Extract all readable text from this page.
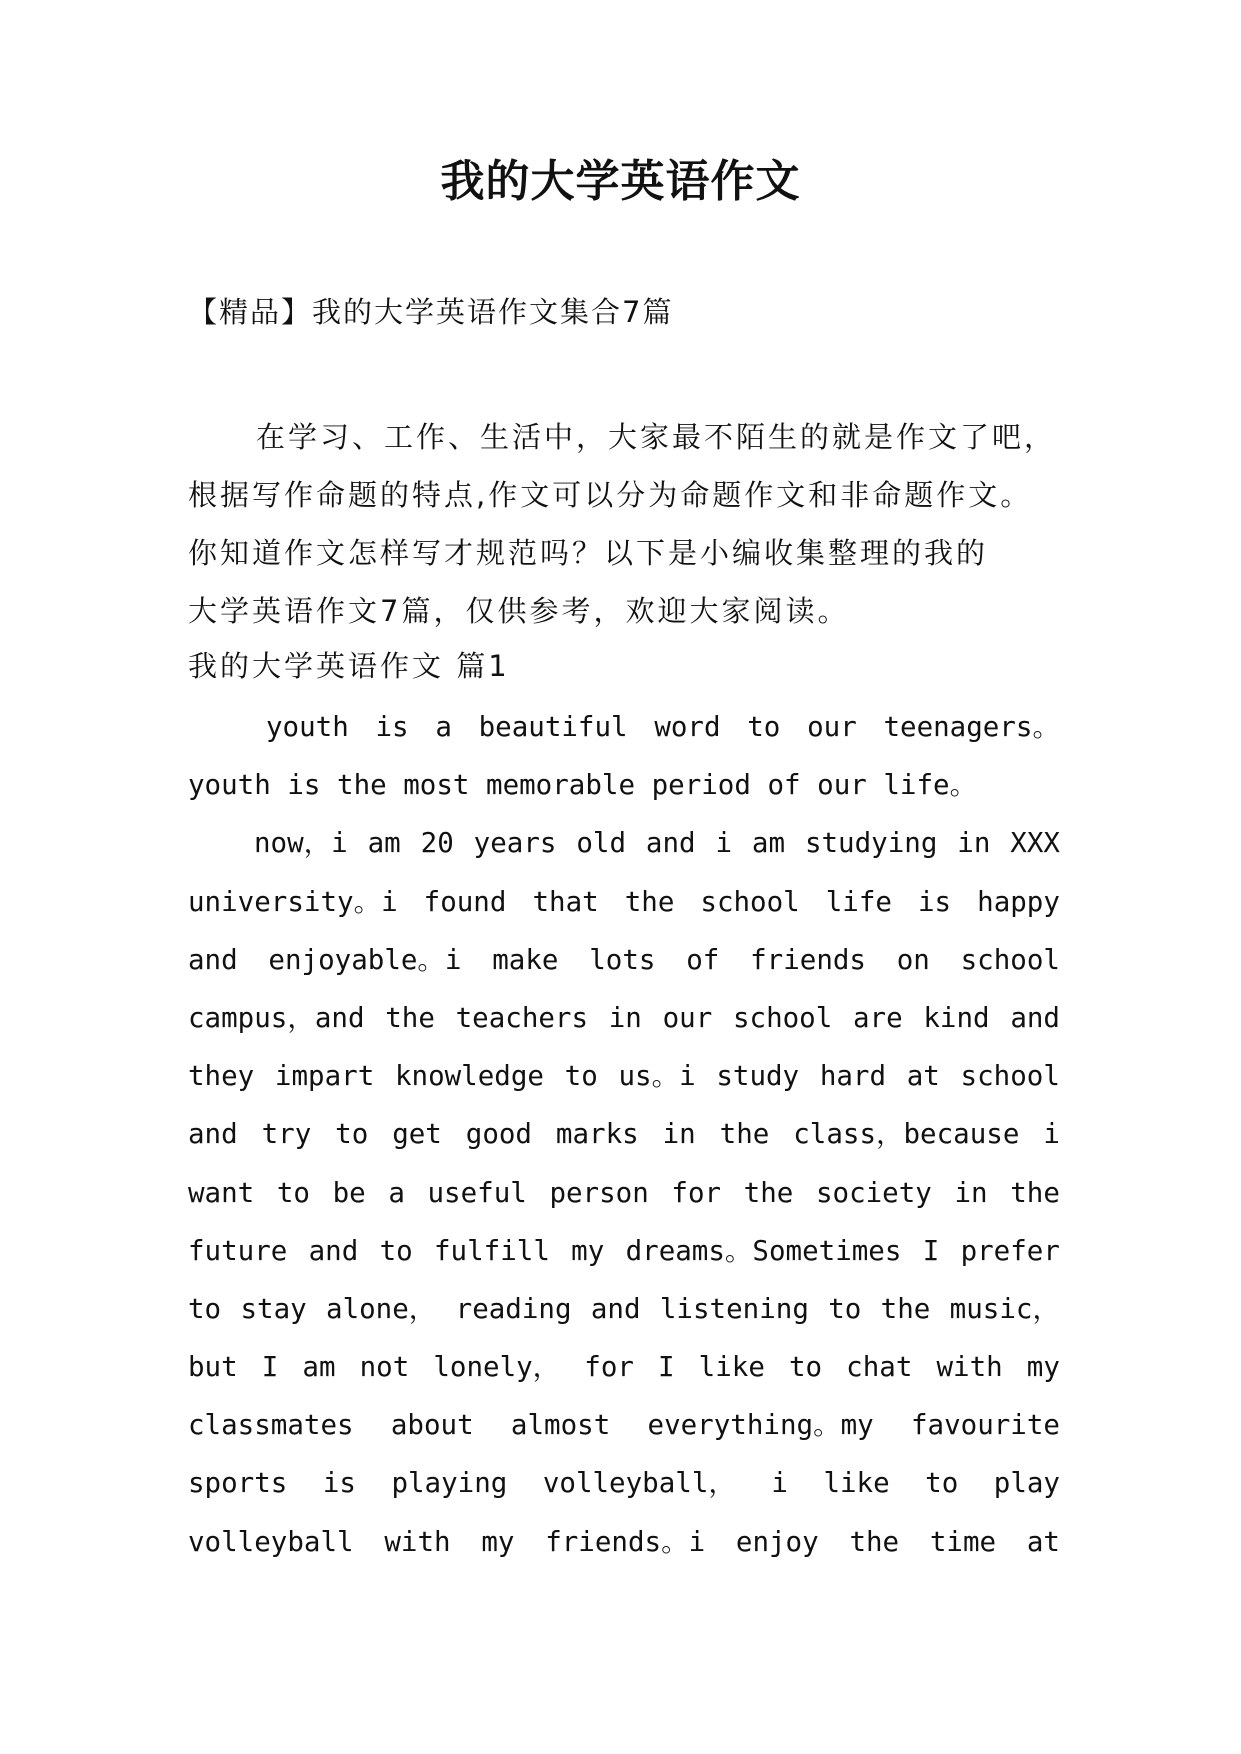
我的大学英语作文
【精品】我的大学英语作文集合7篇
在学习、工作、生活中，大家最不陌生的就是作文了吧，
根据写作命题的特点,作文可以分为命题作文和非命题作文。
你知道作文怎样写才规范吗？以下是小编收集整理的我的
大学英语作文7篇，仅供参考，欢迎大家阅读。
我的大学英语作文 篇1
youth is a beautiful word to our teenagers。
youth is the most memorable period of our life。
now，i am 20 years old and i am studying in XXX
university。i found that the school life is happy
and enjoyable。i make lots of friends on school
campus，and the teachers in our school are kind and
they impart knowledge to us。i study hard at school
and try to get good marks in the class，because i
want to be a useful person for the society in the
future and to fulfill my dreams。Sometimes I prefer
to stay alone， reading and listening to the music，
but I am not lonely， for I like to chat with my
classmates about almost everything。my favourite
sports is playing volleyball， i like to play
volleyball with my friends。i enjoy the time at
